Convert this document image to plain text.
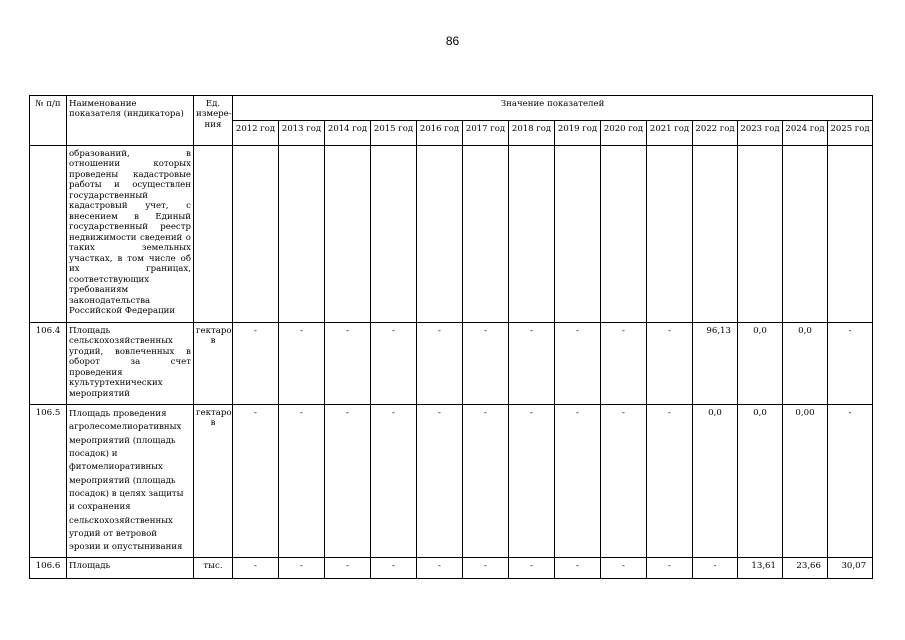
86
№ п/п	Наименование показателя (индикатора)	Ед. измере-ния	Значение показателей													
			2012 год	2013 год	2014 год	2015 год	2016 год	2017 год	2018 год	2019 год	2020 год	2021 год	2022 год	2023 год	2024 год	2025 год
	образований, в отношении которых проведены кадастровые работы и осуществлен государственный кадастровый учет, с внесением в Единый государственный реестр недвижимости сведений о таких земельных участках, в том числе об их границах, соответствующих требованиям законодательства Российской Федерации															
106.4	Площадь сельскохозяйственных угодий, вовлеченных в оборот за счет проведения культуртехнических мероприятий	гектаро в	-	-	-	-	-	-	-	-	-	-	96,13	0,0	0,0	-
106.5	Площадь проведения агролесомелиоративных мероприятий (площадь посадок) и фитомелиоративных мероприятий (площадь посадок) в целях защиты и сохранения сельскохозяйственных угодий от ветровой эрозии и опустынивания	гектаро в	-	-	-	-	-	-	-	-	-	-	0,0	0,0	0,00	-
106.6	Площадь	тыс.	-	-	-	-	-	-	-	-	-	-	-	13,61	23,66	30,07
